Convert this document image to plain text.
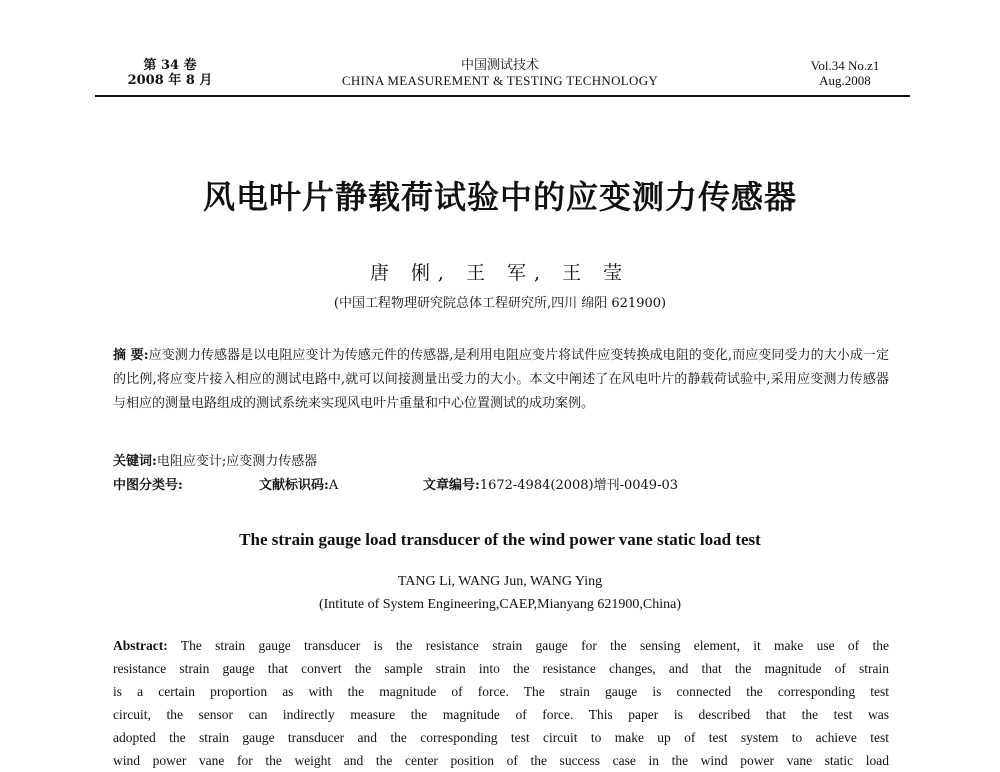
第 34 卷
2008 年 8 月
中国测试技术
CHINA MEASUREMENT & TESTING TECHNOLOGY
Vol.34 No.z1
Aug.2008
风电叶片静载荷试验中的应变测力传感器
唐 俐, 王 军, 王 莹
(中国工程物理研究院总体工程研究所,四川 绵阳 621900)
摘 要:应变测力传感器是以电阻应变计为传感元件的传感器,是利用电阻应变片将试件应变转换成电阻的变化,而应变同受力的大小成一定的比例,将应变片接入相应的测试电路中,就可以间接测量出受力的大小。本文中阐述了在风电叶片的静载荷试验中,采用应变测力传感器与相应的测量电路组成的测试系统来实现风电叶片重量和中心位置测试的成功案例。
关键词:电阻应变计;应变测力传感器
中图分类号:	文献标识码:A	文章编号:1672-4984(2008)增刊-0049-03
The strain gauge load transducer of the wind power vane static load test
TANG Li, WANG Jun, WANG Ying
(Intitute of System Engineering,CAEP,Mianyang 621900,China)
Abstract: The strain gauge transducer is the resistance strain gauge for the sensing element, it make use of the
resistance strain gauge that convert the sample strain into the resistance changes, and that the magnitude of strain
is a certain proportion as with the magnitude of force. The strain gauge is connected the corresponding test
circuit, the sensor can indirectly measure the magnitude of force. This paper is described that the test was
adopted the strain gauge transducer and the corresponding test circuit to make up of test system to achieve test
wind power vane for the weight and the center position of the success case in the wind power vane static load
